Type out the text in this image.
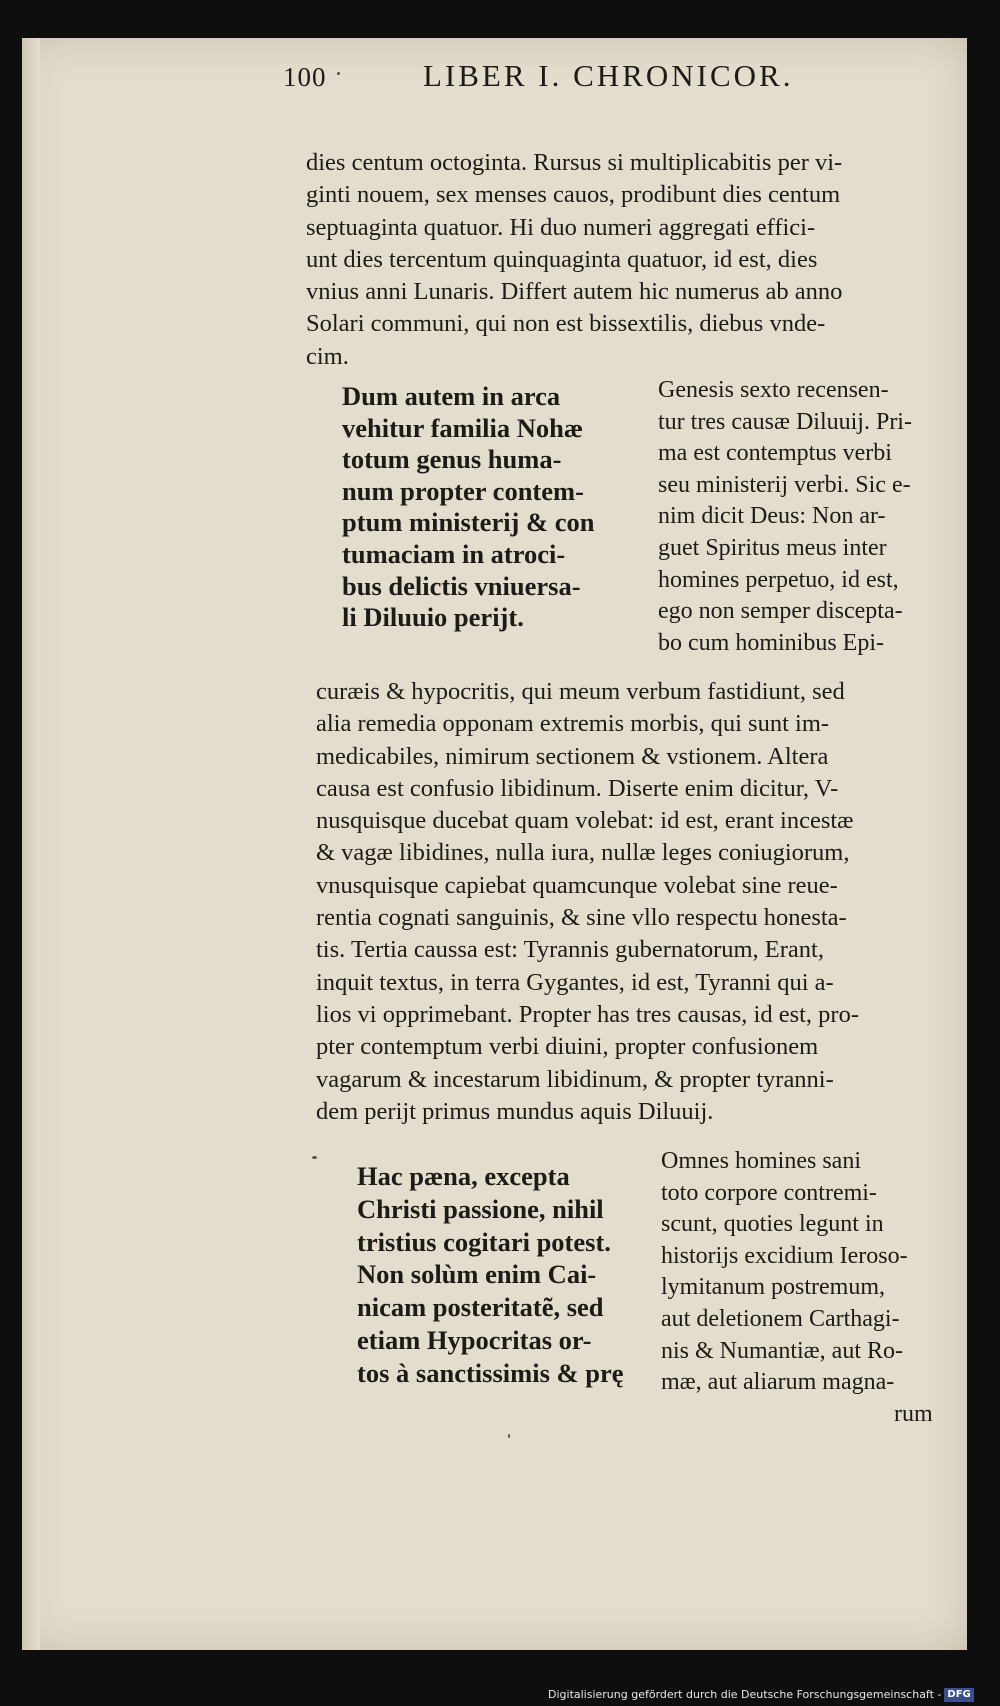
100	LIBER I. CHRONICOR.
dies centum octoginta. Rursus si multiplicabitis per vi-
ginti nouem, sex menses cauos, prodibunt dies centum
septuaginta quatuor. Hi duo numeri aggregati effici-
unt dies tercentum quinquaginta quatuor, id est, dies
vnius anni Lunaris. Differt autem hic numerus ab anno
Solari communi, qui non est bissextilis, diebus vnde-
cim.
Dum autem in arca
vehitur familia Nohæ
totum genus huma-
num propter contem-
ptum ministerij & con
tumaciam in atroci-
bus delictis vniuersa-
li Diluuio perijt.
Genesis sexto recensen-
tur tres causæ Diluuij. Pri-
ma est contemptus verbi
seu ministerij verbi. Sic e-
nim dicit Deus: Non ar-
guet Spiritus meus inter
homines perpetuo, id est,
ego non semper discepta-
bo cum hominibus Epi-
curæis & hypocritis, qui meum verbum fastidiunt, sed
alia remedia opponam extremis morbis, qui sunt im-
medicabiles, nimirum sectionem & vstionem. Altera
causa est confusio libidinum. Diserte enim dicitur, V-
nusquisque ducebat quam volebat: id est, erant incestæ
& vagæ libidines, nulla iura, nullæ leges coniugiorum,
vnusquisque capiebat quamcunque volebat sine reue-
rentia cognati sanguinis, & sine vllo respectu honesta-
tis. Tertia caussa est: Tyrannis gubernatorum, Erant,
inquit textus, in terra Gygantes, id est, Tyranni qui a-
lios vi opprimebant. Propter has tres causas, id est, pro-
pter contemptum verbi diuini, propter confusionem
vagarum & incestarum libidinum, & propter tyranni-
dem perijt primus mundus aquis Diluuij.
Hac pæna, excepta
Christi passione, nihil
tristius cogitari potest.
Non solùm enim Cai-
nicam posteritatẽ, sed
etiam Hypocritas or-
tos à sanctissimis & prę
Omnes homines sani
toto corpore contremi-
scunt, quoties legunt in
historijs excidium Ieroso-
lymitanum postremum,
aut deletionem Carthagi-
nis & Numantiæ, aut Ro-
mæ, aut aliarum magna-
rum
Digitalisierung gefördert durch die Deutsche Forschungsgemeinschaft - DFG
